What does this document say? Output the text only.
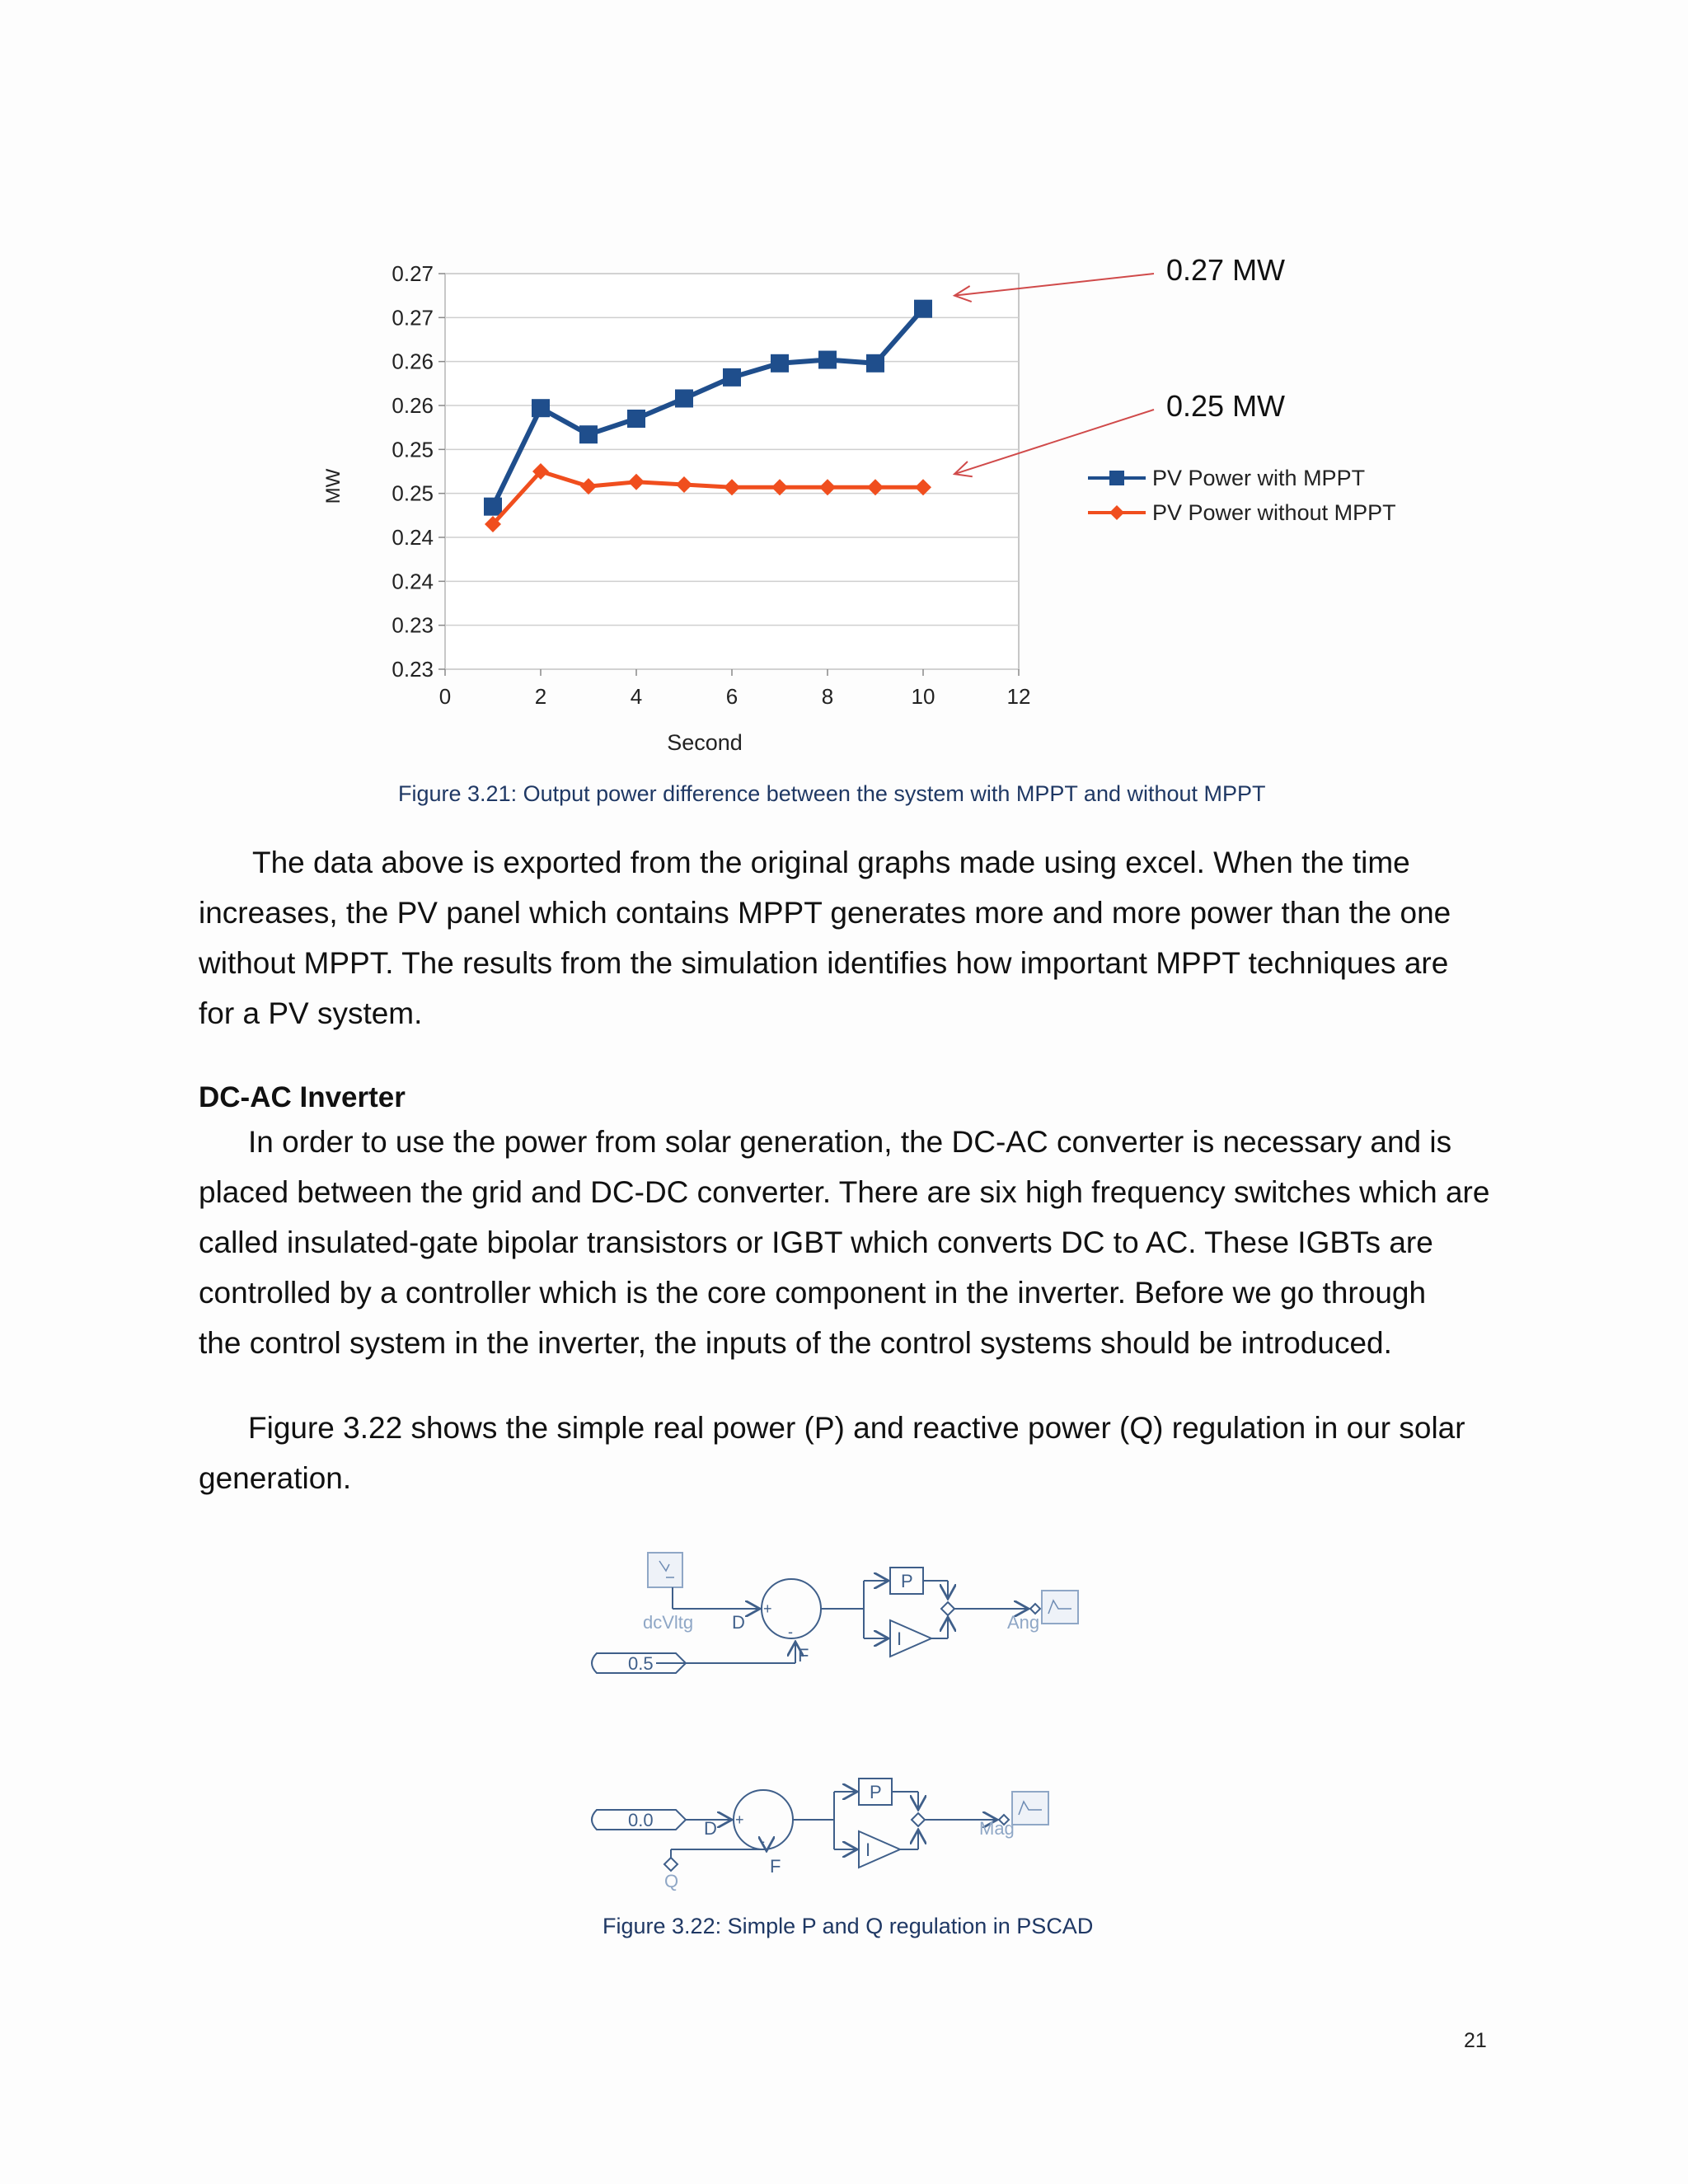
0.27
0.27
0.26
0.26
0.25
0.25
0.24
0.24
0.23
0.23
0	2	4	6	8	10	12
MW
Second
0.27 MW
0.25 MW
PV Power with MPPT
PV Power without MPPT
Figure 3.21: Output power difference between the system with MPPT and without MPPT

The data above is exported from the original graphs made using excel. When the time

increases, the PV panel which contains MPPT generates more and more power than the one

without MPPT. The results from the simulation identifies how important MPPT techniques are

for a PV system.

DC-AC Inverter

In order to use the power from solar generation, the DC-AC converter is necessary and is

placed between the grid and DC-DC converter. There are six high frequency switches which are

called insulated-gate bipolar transistors or IGBT which converts DC to AC. These IGBTs are

controlled by a controller which is the core component in the inverter. Before we go through

the control system in the inverter, the inputs of the control systems should be introduced.

Figure 3.22 shows the simple real power (P) and reactive power (Q) regulation in our solar

generation.

dcVltg D
+
-
F
0.5
P
I
Ang
0.0	D +
-
F
Q
P
I
Mag
Figure 3.22: Simple P and Q regulation in PSCAD
21
